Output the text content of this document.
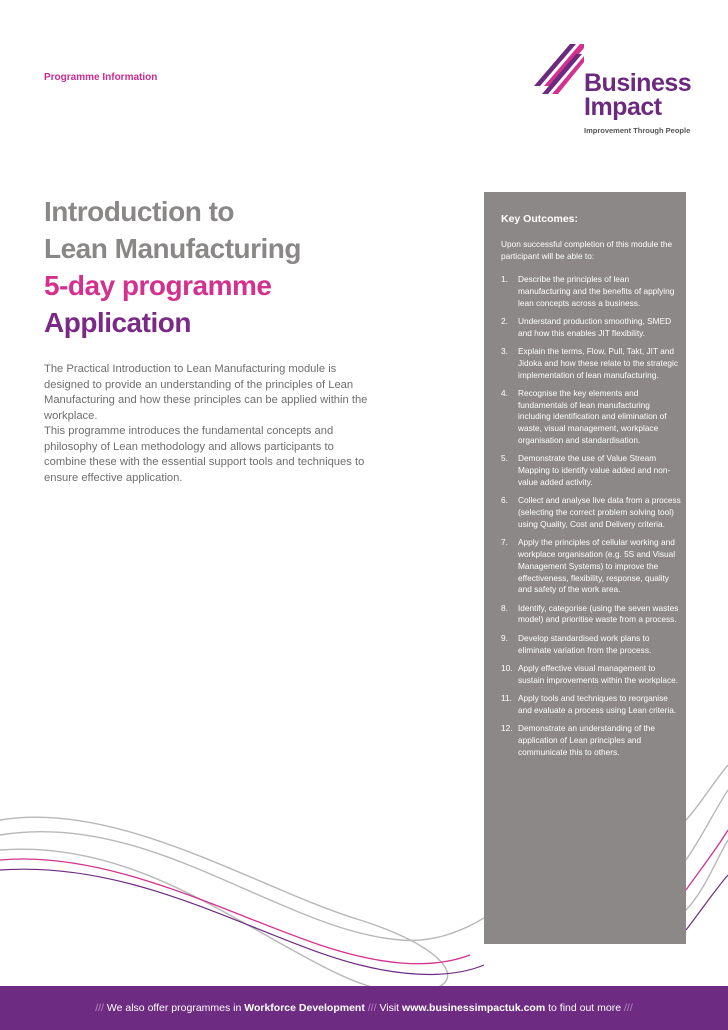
Programme Information	Business
Impact
Improvement Through People
Introduction to
Lean Manufacturing
5-day programme
Application

The Practical Introduction to Lean Manufacturing module is designed to provide an understanding of the principles of Lean Manufacturing and how these principles can be applied within the workplace.

This programme introduces the fundamental concepts and philosophy of Lean methodology and allows participants to combine these with the essential support tools and techniques to ensure effective application.

Key Outcomes:
Upon successful completion of this module the participant will be able to:
1. Describe the principles of lean manufacturing and the benefits of applying lean concepts across a business.
2. Understand production smoothing, SMED and how this enables JIT flexibility.
3. Explain the terms, Flow, Pull, Takt, JIT and Jidoka and how these relate to the strategic implementation of lean manufacturing.
4. Recognise the key elements and fundamentals of lean manufacturing including identification and elimination of waste, visual management, workplace organisation and standardisation.
5. Demonstrate the use of Value Stream Mapping to identify value added and non-value added activity.
6. Collect and analyse live data from a process (selecting the correct problem solving tool) using Quality, Cost and Delivery criteria.
7. Apply the principles of cellular working and workplace organisation (e.g. 5S and Visual Management Systems) to improve the effectiveness, flexibility, response, quality and safety of the work area.
8. Identify, categorise (using the seven wastes model) and prioritise waste from a process.
9. Develop standardised work plans to eliminate variation from the process.
10. Apply effective visual management to sustain improvements within the workplace.
11. Apply tools and techniques to reorganise and evaluate a process using Lean criteria.
12. Demonstrate an understanding of the application of Lean principles and communicate this to others.
/// We also offer programmes in Workforce Development /// Visit www.businessimpactuk.com to find out more ///
